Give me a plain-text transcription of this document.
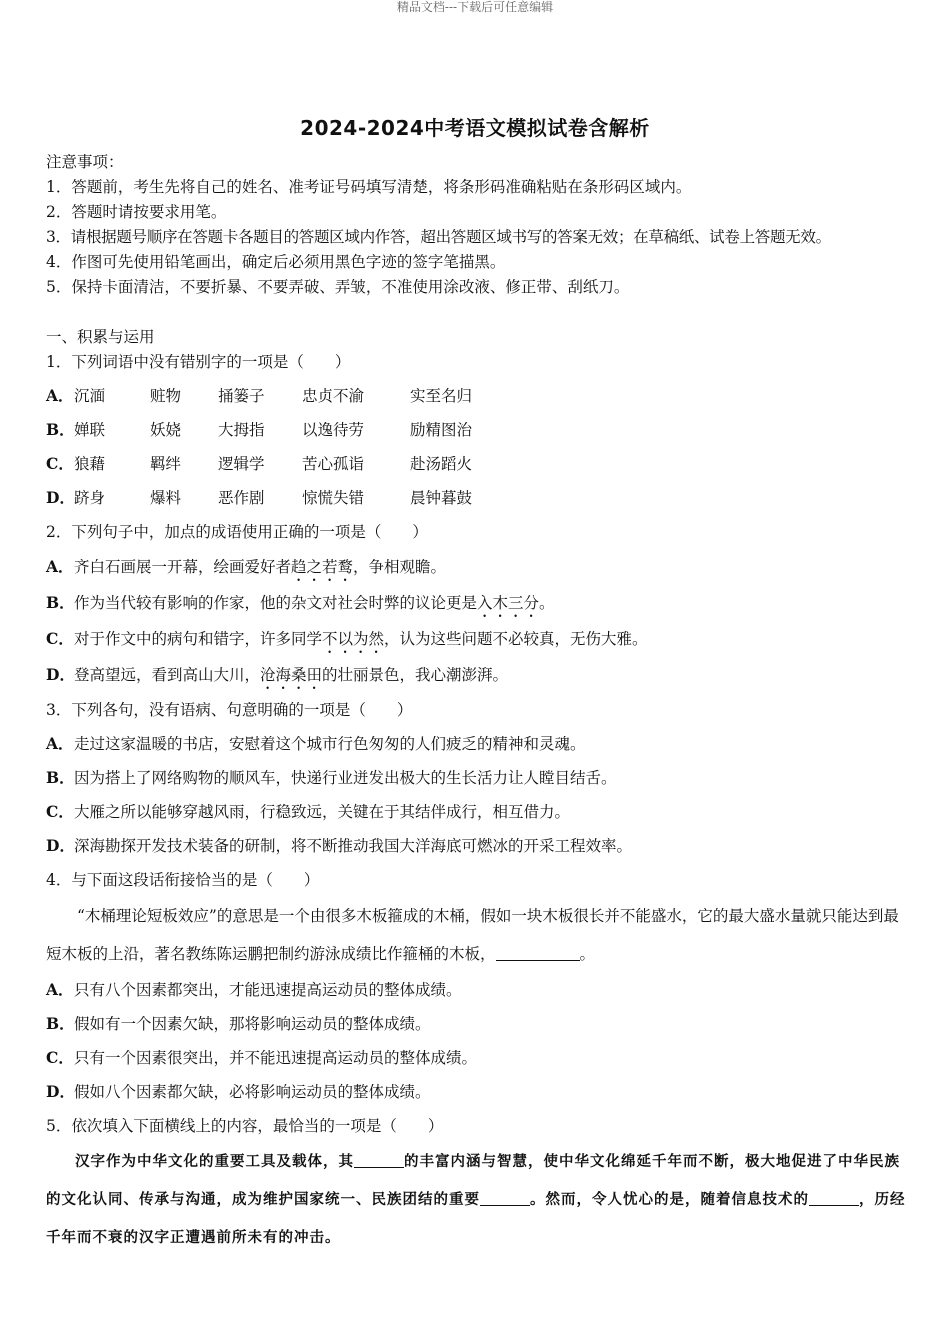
精品文档---下载后可任意编辑
2024-2024中考语文模拟试卷含解析
注意事项：
1．答题前，考生先将自己的姓名、准考证号码填写清楚，将条形码准确粘贴在条形码区域内。
2．答题时请按要求用笔。
3．请根据题号顺序在答题卡各题目的答题区域内作答，超出答题区域书写的答案无效；在草稿纸、试卷上答题无效。
4．作图可先使用铅笔画出，确定后必须用黑色字迹的签字笔描黑。
5．保持卡面清洁，不要折暴、不要弄破、弄皱，不准使用涂改液、修正带、刮纸刀。
一、积累与运用
1．下列词语中没有错别字的一项是（　　）
A．沉湎	赃物 捅篓子 忠贞不渝	实至名归
B．婵联	妖娆 大拇指 以逸待劳	励精图治
C．狼藉	羁绊 逻辑学 苦心孤诣	赴汤蹈火
D．跻身	爆料 恶作剧 惊慌失错	晨钟暮鼓
2．下列句子中，加点的成语使用正确的一项是（　　）
A．齐白石画展一开幕，绘画爱好者趋之若鹜，争相观瞻。
B．作为当代较有影响的作家，他的杂文对社会时弊的议论更是入木三分。
C．对于作文中的病句和错字，许多同学不以为然，认为这些问题不必较真，无伤大雅。
D．登高望远，看到高山大川，沧海桑田的壮丽景色，我心潮澎湃。
3．下列各句，没有语病、句意明确的一项是（　　）
A．走过这家温暖的书店，安慰着这个城市行色匆匆的人们疲乏的精神和灵魂。
B．因为搭上了网络购物的顺风车，快递行业迸发出极大的生长活力让人瞠目结舌。
C．大雁之所以能够穿越风雨，行稳致远，关键在于其结伴成行，相互借力。
D．深海勘探开发技术装备的研制，将不断推动我国大洋海底可燃冰的开采工程效率。
4．与下面这段话衔接恰当的是（　　）
“木桶理论短板效应”的意思是一个由很多木板箍成的木桶，假如一块木板很长并不能盛水，它的最大盛水量就只能达到最短木板的上沿，著名教练陈运鹏把制约游泳成绩比作箍桶的木板，	。
A．只有八个因素都突出，才能迅速提高运动员的整体成绩。
B．假如有一个因素欠缺，那将影响运动员的整体成绩。
C．只有一个因素很突出，并不能迅速提高运动员的整体成绩。
D．假如八个因素都欠缺，必将影响运动员的整体成绩。
5．依次填入下面横线上的内容，最恰当的一项是（　　）
汉字作为中华文化的重要工具及载体，其	的丰富内涵与智慧，使中华文化绵延千年而不断，极大地促进了中华民族的文化认同、传承与沟通，成为维护国家统一、民族团结的重要	。然而，令人忧心的是，随着信息技术的	，历经千年而不衰的汉字正遭遇前所未有的冲击。
